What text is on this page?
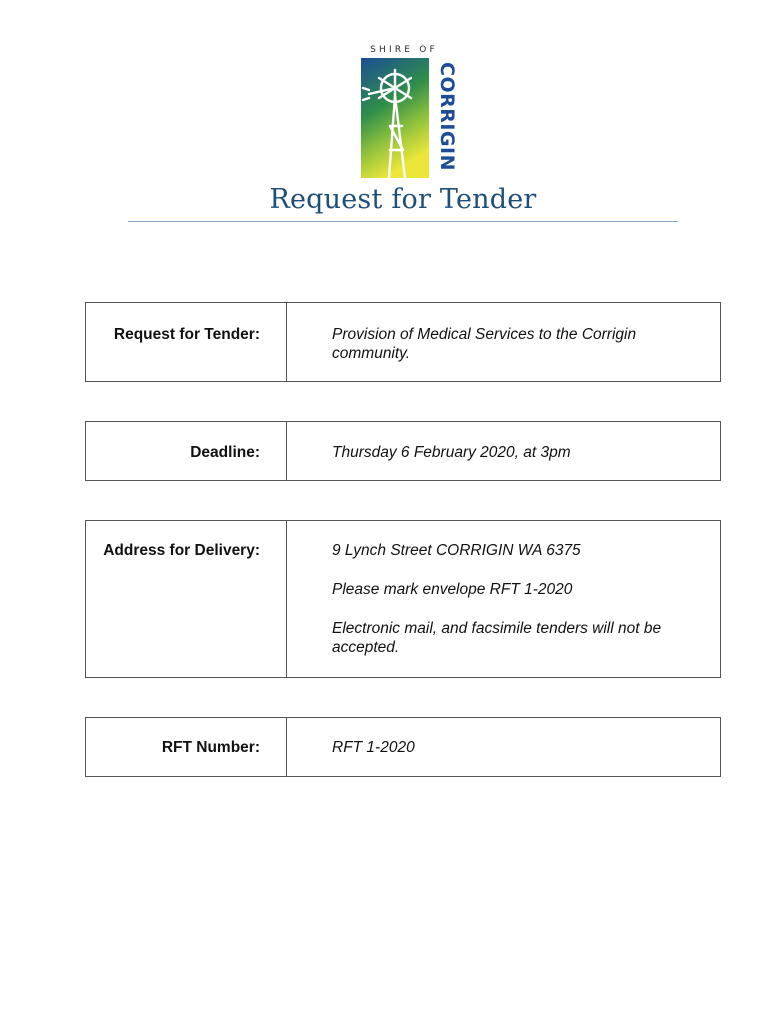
SHIRE OF
CORRIGIN
Request for Tender
Request for Tender:	Provision of Medical Services to the Corrigin community.

Deadline:	Thursday 6 February 2020, at 3pm

Address for Delivery:	9 Lynch Street CORRIGIN WA 6375

Please mark envelope RFT 1-2020

Electronic mail, and facsimile tenders will not be accepted.

RFT Number:	RFT 1-2020
